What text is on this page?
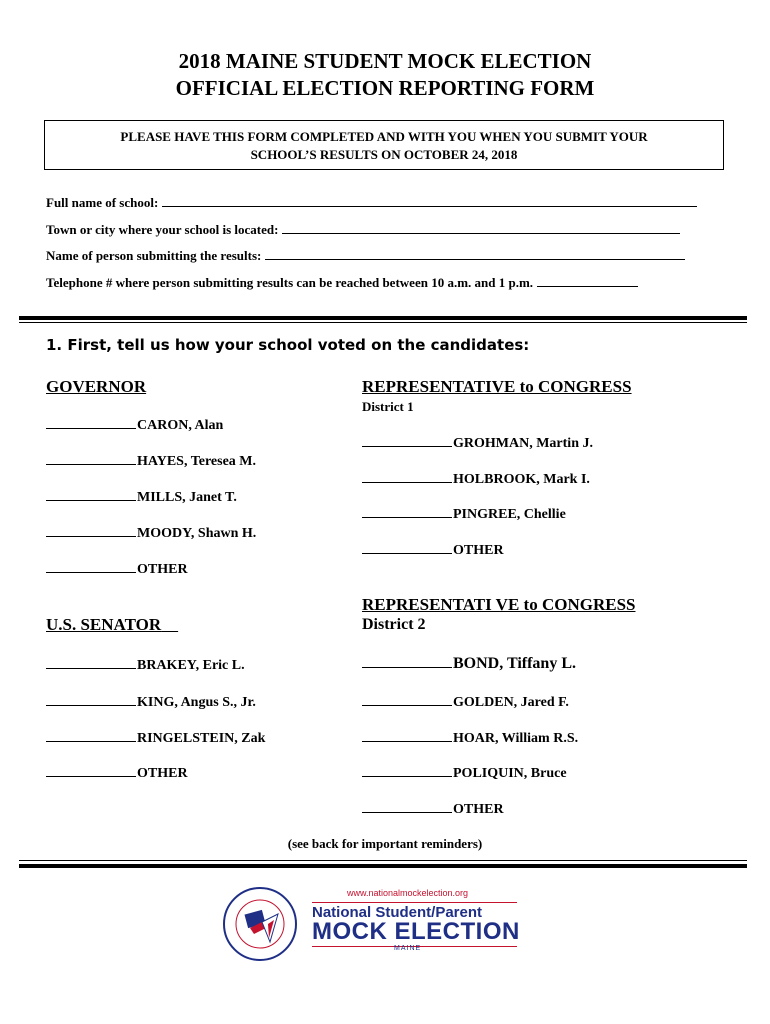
2018 MAINE STUDENT MOCK ELECTION
OFFICIAL ELECTION REPORTING FORM
PLEASE HAVE THIS FORM COMPLETED AND WITH YOU WHEN YOU SUBMIT YOUR
SCHOOL’S RESULTS ON OCTOBER 24, 2018
Full name of school:
Town or city where your school is located:
Name of person submitting the results:
Telephone # where person submitting results can be reached between 10 a.m. and 1 p.m.
1. First, tell us how your school voted on the candidates:
GOVERNOR
CARON, Alan
HAYES, Teresea M.
MILLS, Janet T.
MOODY, Shawn H.
OTHER
REPRESENTATIVE to CONGRESS
District 1
GROHMAN, Martin J.
HOLBROOK, Mark I.
PINGREE, Chellie
OTHER
U.S. SENATOR
BRAKEY, Eric L.
KING, Angus S., Jr.
RINGELSTEIN, Zak
OTHER
REPRESENTATI VE to CONGRESS
District 2
BOND, Tiffany L.
GOLDEN, Jared F.
HOAR, William R.S.
POLIQUIN, Bruce
OTHER
(see back for important reminders)
www.nationalmockelection.org
National Student/Parent
MOCK ELECTION
MAINE
